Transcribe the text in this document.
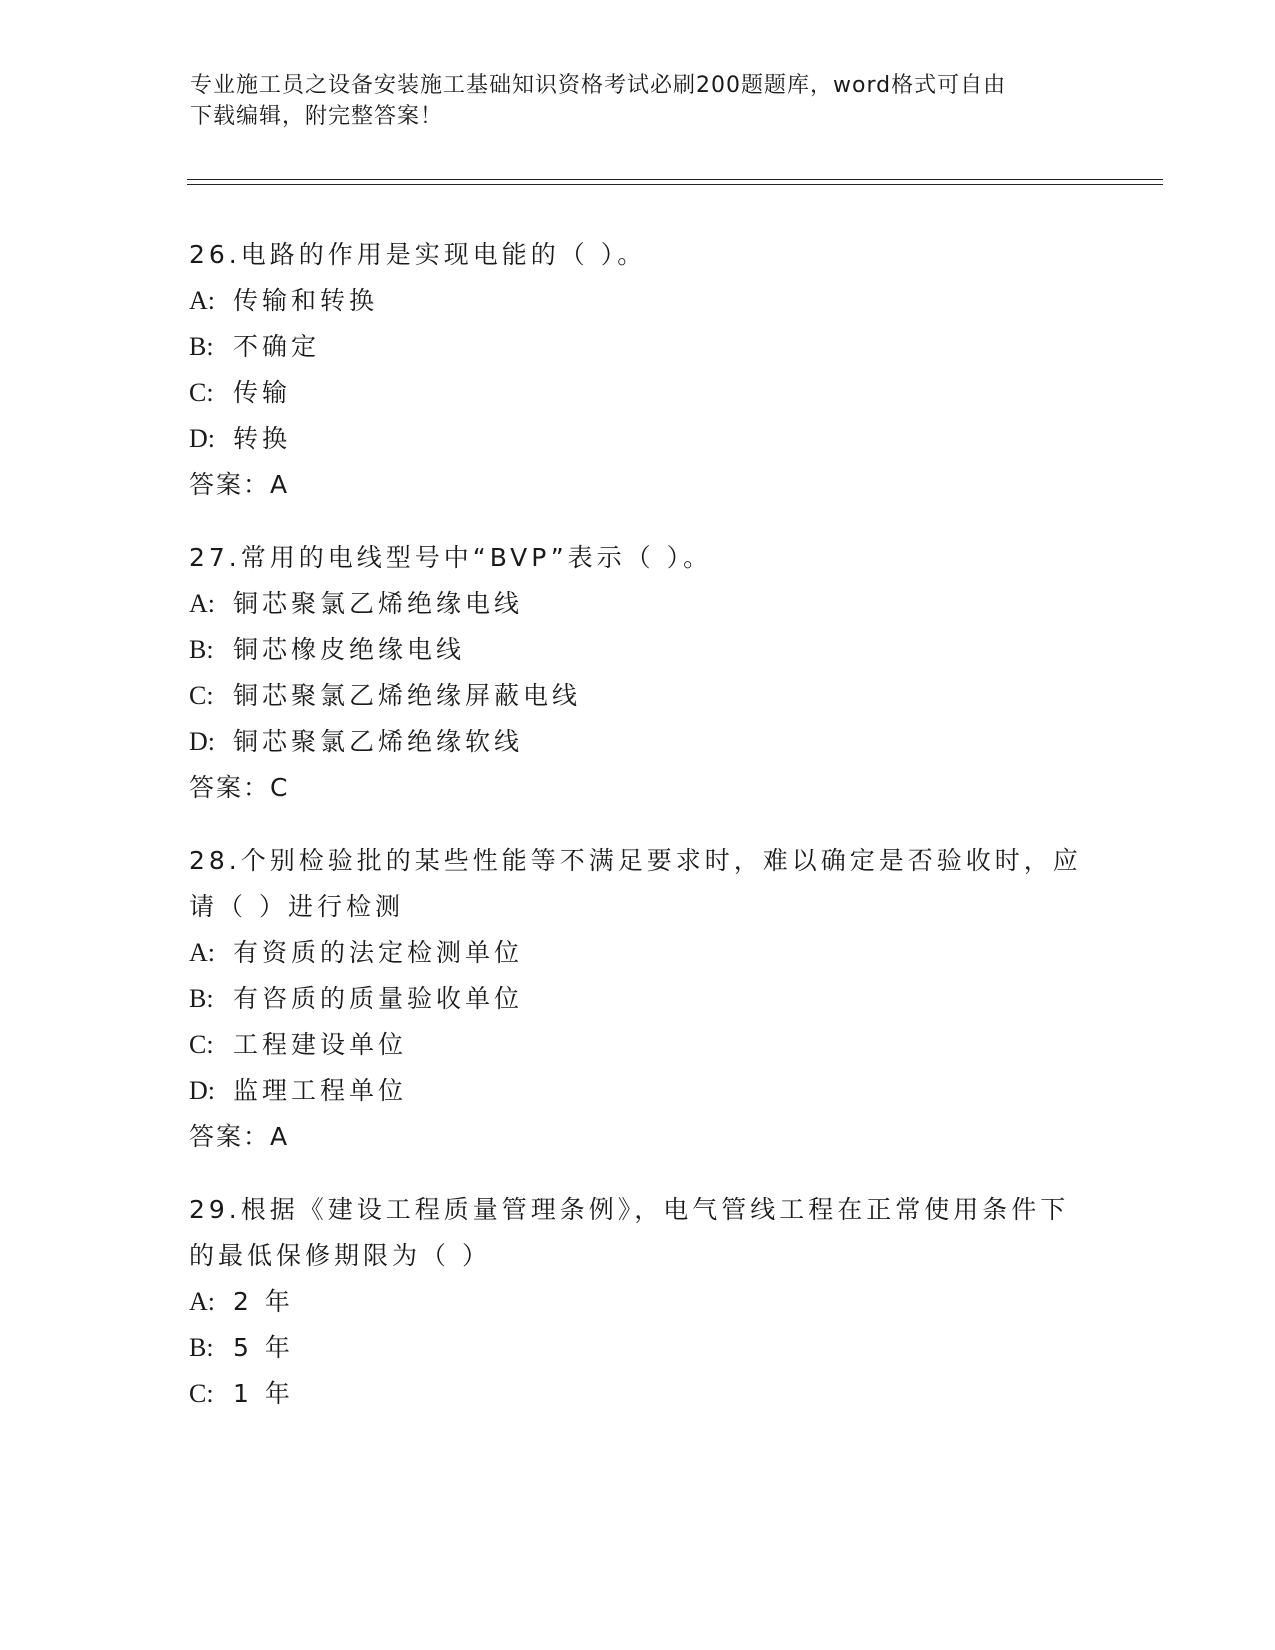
专业施工员之设备安装施工基础知识资格考试必刷200题题库，word格式可自由
下载编辑，附完整答案！
26.电路的作用是实现电能的（ ）。
A: 传输和转换
B: 不确定
C: 传输
D: 转换
答案：A
27.常用的电线型号中“BVP”表示（ ）。
A: 铜芯聚氯乙烯绝缘电线
B: 铜芯橡皮绝缘电线
C: 铜芯聚氯乙烯绝缘屏蔽电线
D: 铜芯聚氯乙烯绝缘软线
答案：C
28.个别检验批的某些性能等不满足要求时，难以确定是否验收时，应请（ ）进行检测
A: 有资质的法定检测单位
B: 有咨质的质量验收单位
C: 工程建设单位
D: 监理工程单位
答案：A
29.根据《建设工程质量管理条例》，电气管线工程在正常使用条件下的最低保修期限为（ ）
A: 2 年
B: 5 年
C: 1 年
